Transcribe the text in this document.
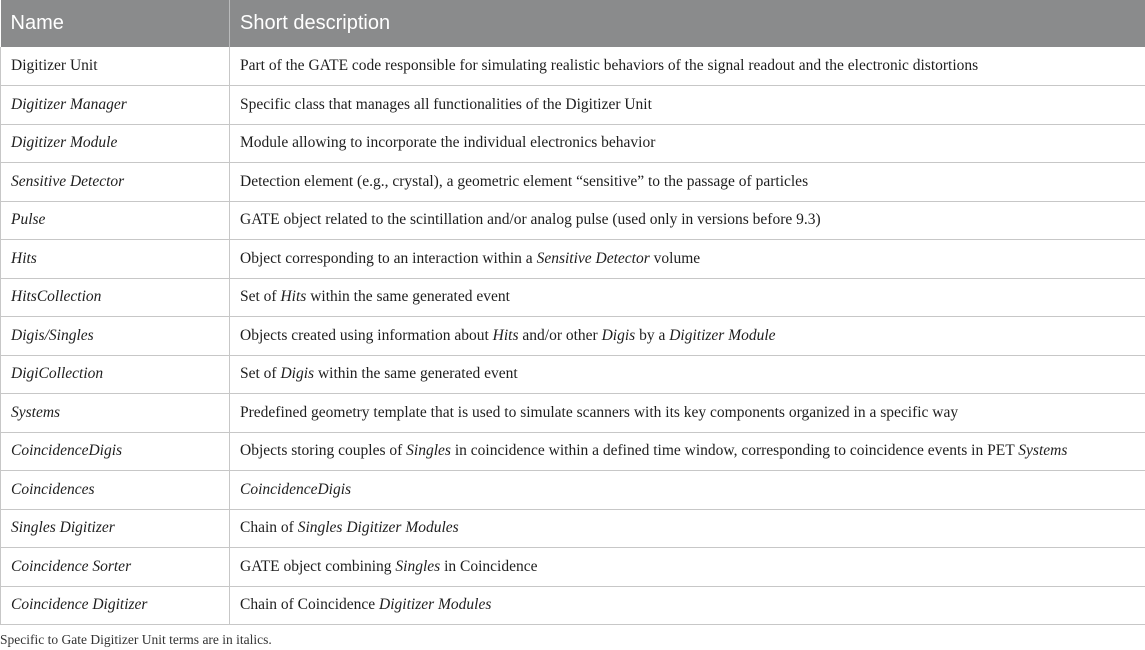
Name	Short description
Digitizer Unit	Part of the GATE code responsible for simulating realistic behaviors of the signal readout and the electronic distortions
Digitizer Manager	Specific class that manages all functionalities of the Digitizer Unit
Digitizer Module	Module allowing to incorporate the individual electronics behavior
Sensitive Detector	Detection element (e.g., crystal), a geometric element “sensitive” to the passage of particles
Pulse	GATE object related to the scintillation and/or analog pulse (used only in versions before 9.3)
Hits	Object corresponding to an interaction within a Sensitive Detector volume
HitsCollection	Set of Hits within the same generated event
Digis/Singles	Objects created using information about Hits and/or other Digis by a Digitizer Module
DigiCollection	Set of Digis within the same generated event
Systems	Predefined geometry template that is used to simulate scanners with its key components organized in a specific way
CoincidenceDigis	Objects storing couples of Singles in coincidence within a defined time window, corresponding to coincidence events in PET Systems
Coincidences	CoincidenceDigis
Singles Digitizer	Chain of Singles Digitizer Modules
Coincidence Sorter	GATE object combining Singles in Coincidence
Coincidence Digitizer	Chain of Coincidence Digitizer Modules
Specific to Gate Digitizer Unit terms are in italics.
